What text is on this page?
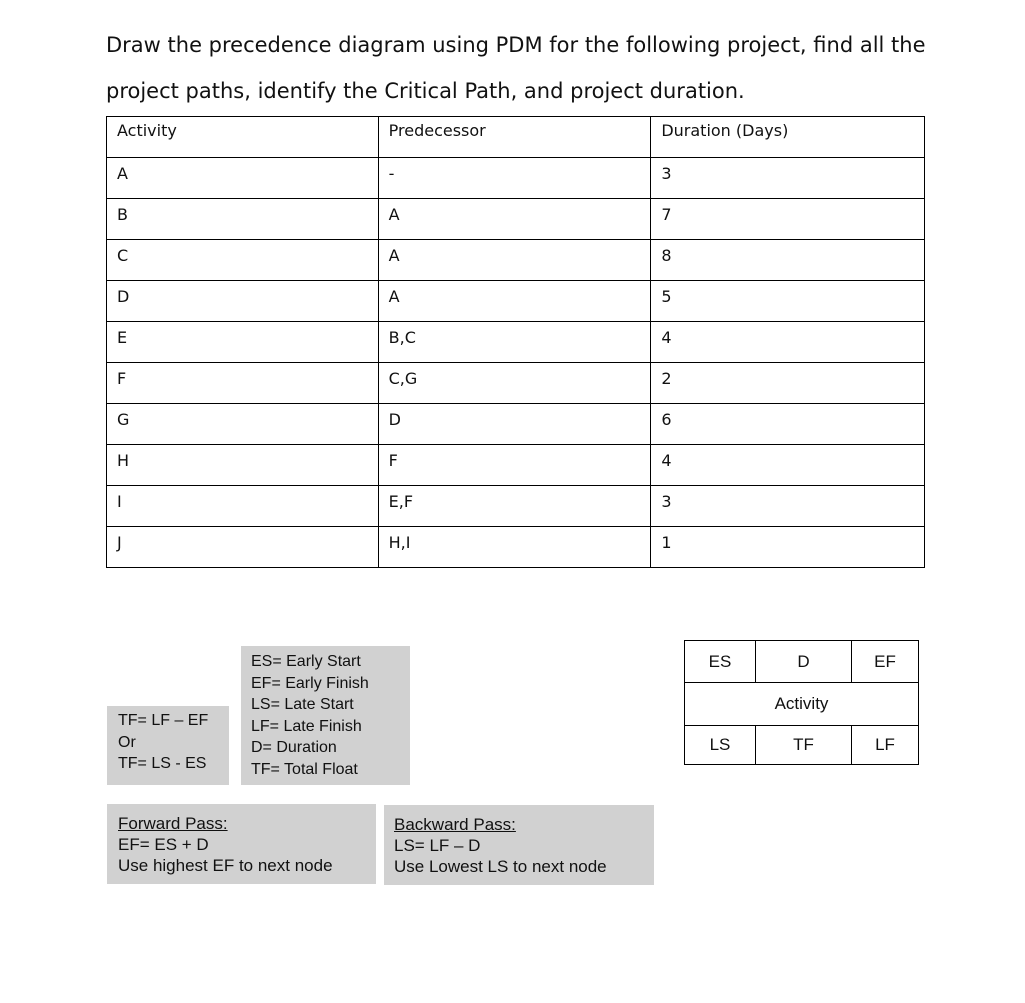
Draw the precedence diagram using PDM for the following project, find all the
project paths, identify the Critical Path, and project duration.
Activity	Predecessor	Duration (Days)
A	-	3
B	A	7
C	A	8
D	A	5
E	B,C	4
F	C,G	2
G	D	6
H	F	4
I	E,F	3
J	H,I	1
ES= Early Start
EF= Early Finish
LS= Late Start
LF= Late Finish
D= Duration
TF= Total Float
TF= LF – EF
Or
TF= LS - ES
Forward Pass:
EF= ES + D
Use highest EF to next node
Backward Pass:
LS= LF – D
Use Lowest LS to next node
ES	D	EF
Activity
LS	TF	LF
